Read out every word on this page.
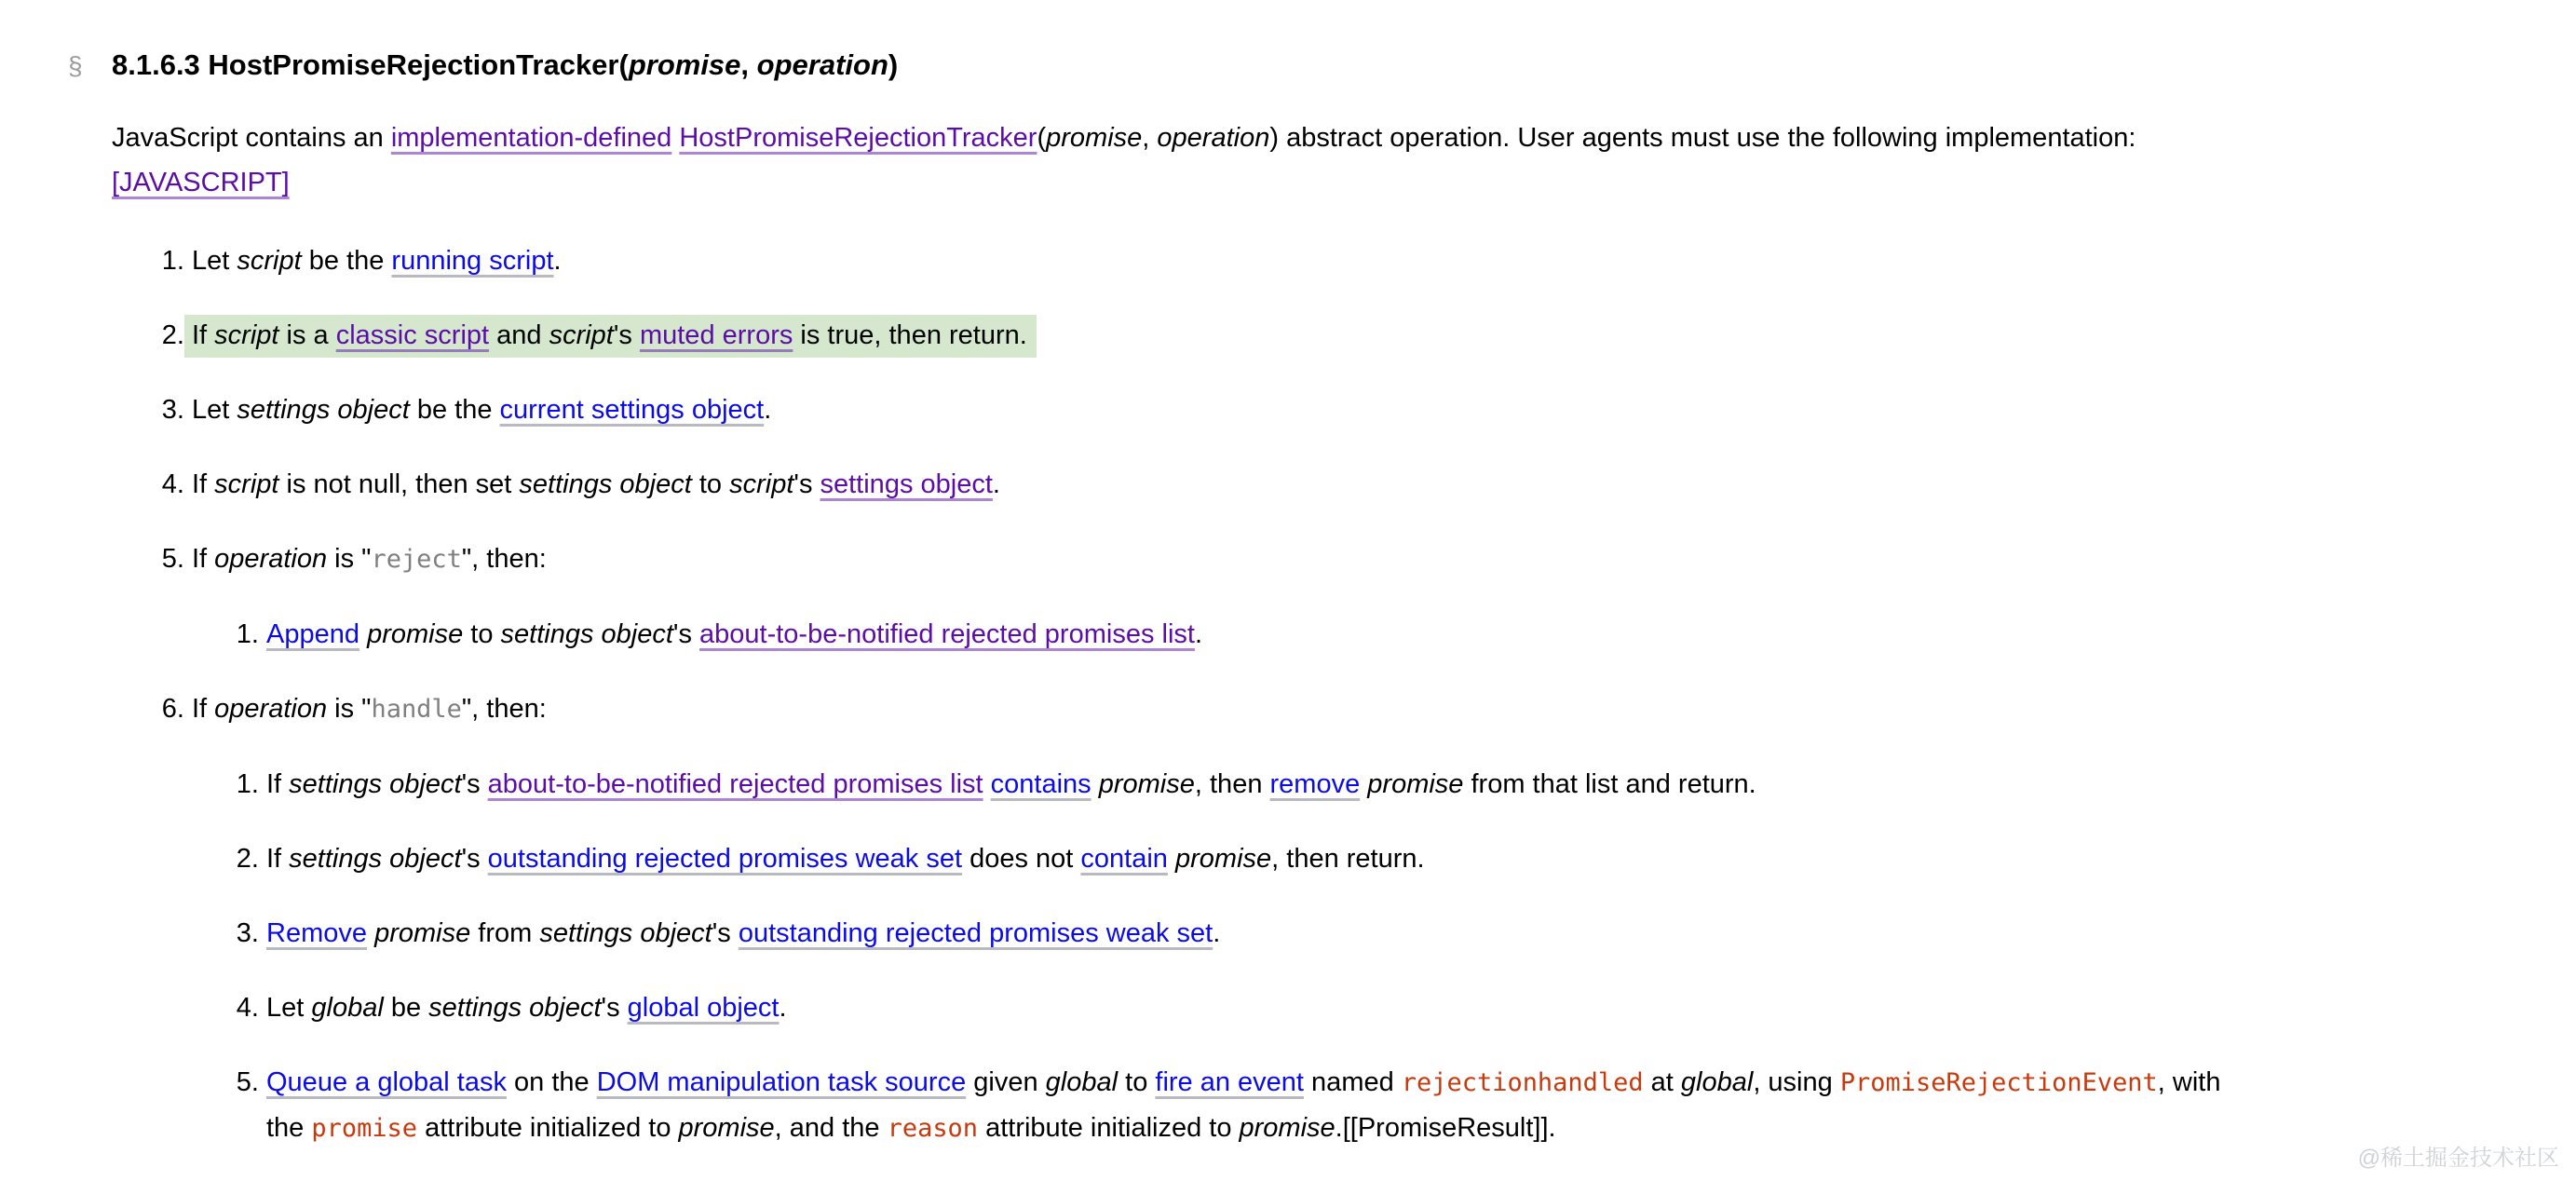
§ 8.1.6.3 HostPromiseRejectionTracker(promise, operation)

JavaScript contains an implementation-defined HostPromiseRejectionTracker(promise, operation) abstract operation. User agents must use the following implementation:
[JAVASCRIPT]

1. Let script be the running script.
2. If script is a classic script and script's muted errors is true, then return.
3. Let settings object be the current settings object.
4. If script is not null, then set settings object to script's settings object.
5. If operation is "reject", then:
1. Append promise to settings object's about-to-be-notified rejected promises list.
6. If operation is "handle", then:
1. If settings object's about-to-be-notified rejected promises list contains promise, then remove promise from that list and return.
2. If settings object's outstanding rejected promises weak set does not contain promise, then return.
3. Remove promise from settings object's outstanding rejected promises weak set.
4. Let global be settings object's global object.
5. Queue a global task on the DOM manipulation task source given global to fire an event named rejectionhandled at global, using PromiseRejectionEvent, with
the promise attribute initialized to promise, and the reason attribute initialized to promise.[[PromiseResult]].
@稀土掘金技术社区
